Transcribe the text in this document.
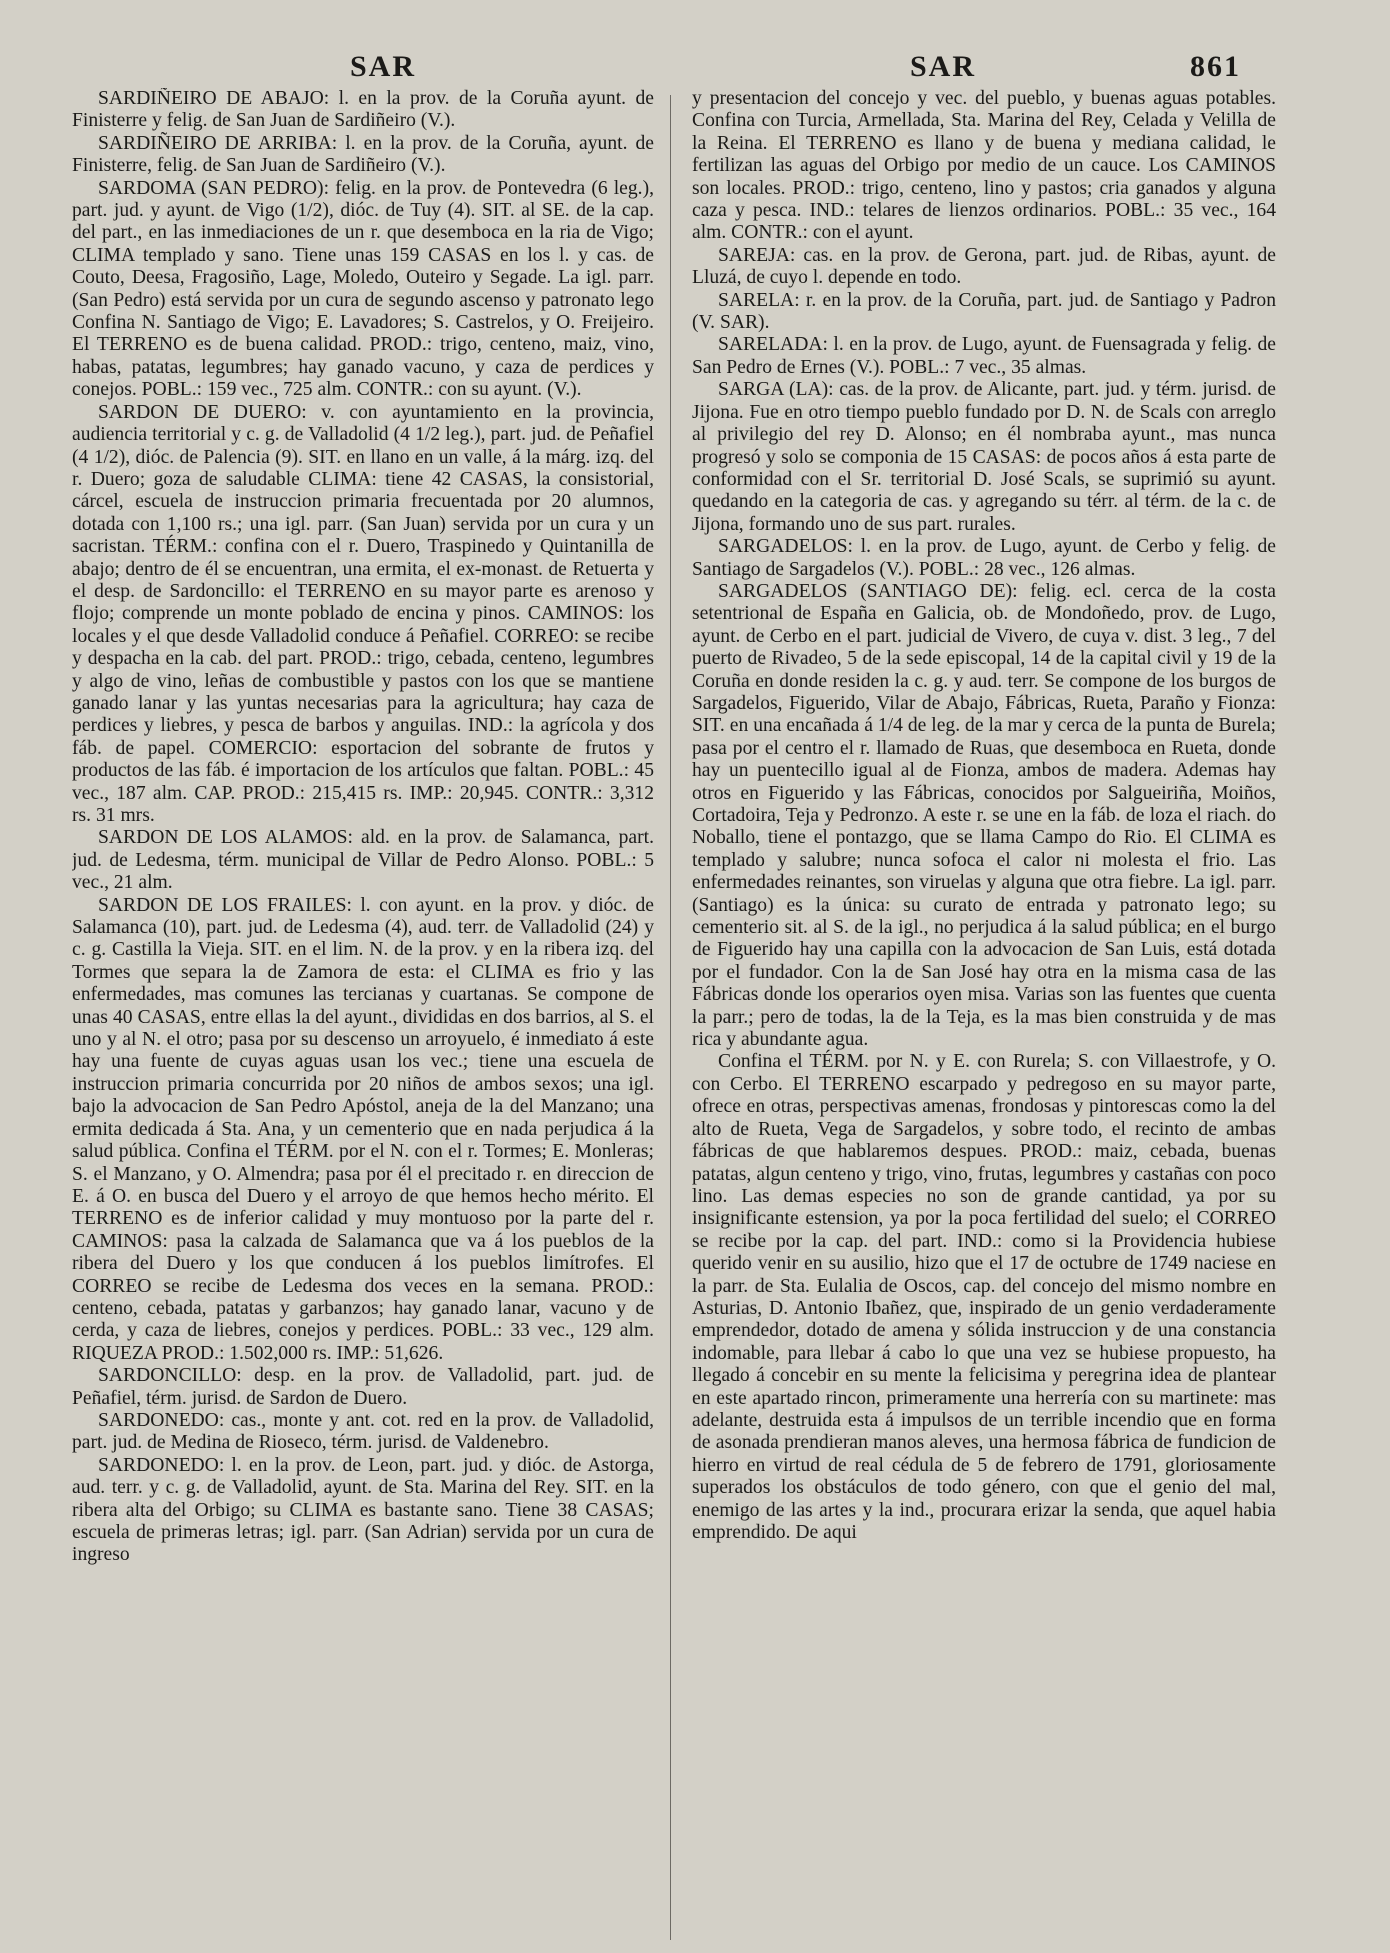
SAR	SAR	861

SARDIÑEIRO DE ABAJO: l. en la prov. de la Coruña ayunt. de Finisterre y felig. de San Juan de Sardiñeiro (V.).

SARDIÑEIRO DE ARRIBA: l. en la prov. de la Coruña, ayunt. de Finisterre, felig. de San Juan de Sardiñeiro (V.).

SARDOMA (SAN PEDRO): felig. en la prov. de Pontevedra (6 leg.), part. jud. y ayunt. de Vigo (1/2), dióc. de Tuy (4). SIT. al SE. de la cap. del part., en las inmediaciones de un r. que desemboca en la ria de Vigo; CLIMA templado y sano. Tiene unas 159 CASAS en los l. y cas. de Couto, Deesa, Fragosiño, Lage, Moledo, Outeiro y Segade. La igl. parr. (San Pedro) está servida por un cura de segundo ascenso y patronato lego Confina N. Santiago de Vigo; E. Lavadores; S. Castrelos, y O. Freijeiro. El TERRENO es de buena calidad. PROD.: trigo, centeno, maiz, vino, habas, patatas, legumbres; hay ganado vacuno, y caza de perdices y conejos. POBL.: 159 vec., 725 alm. CONTR.: con su ayunt. (V.).

SARDON DE DUERO: v. con ayuntamiento en la provincia, audiencia territorial y c. g. de Valladolid (4 1/2 leg.), part. jud. de Peñafiel (4 1/2), dióc. de Palencia (9). SIT. en llano en un valle, á la márg. izq. del r. Duero; goza de saludable CLIMA: tiene 42 CASAS, la consistorial, cárcel, escuela de instruccion primaria frecuentada por 20 alumnos, dotada con 1,100 rs.; una igl. parr. (San Juan) servida por un cura y un sacristan. TÉRM.: confina con el r. Duero, Traspinedo y Quintanilla de abajo; dentro de él se encuentran, una ermita, el ex-monast. de Retuerta y el desp. de Sardoncillo: el TERRENO en su mayor parte es arenoso y flojo; comprende un monte poblado de encina y pinos. CAMINOS: los locales y el que desde Valladolid conduce á Peñafiel. CORREO: se recibe y despacha en la cab. del part. PROD.: trigo, cebada, centeno, legumbres y algo de vino, leñas de combustible y pastos con los que se mantiene ganado lanar y las yuntas necesarias para la agricultura; hay caza de perdices y liebres, y pesca de barbos y anguilas. IND.: la agrícola y dos fáb. de papel. COMERCIO: esportacion del sobrante de frutos y productos de las fáb. é importacion de los artículos que faltan. POBL.: 45 vec., 187 alm. CAP. PROD.: 215,415 rs. IMP.: 20,945. CONTR.: 3,312 rs. 31 mrs.

SARDON DE LOS ALAMOS: ald. en la prov. de Salamanca, part. jud. de Ledesma, térm. municipal de Villar de Pedro Alonso. POBL.: 5 vec., 21 alm.

SARDON DE LOS FRAILES: l. con ayunt. en la prov. y dióc. de Salamanca (10), part. jud. de Ledesma (4), aud. terr. de Valladolid (24) y c. g. Castilla la Vieja. SIT. en el lim. N. de la prov. y en la ribera izq. del Tormes que separa la de Zamora de esta: el CLIMA es frio y las enfermedades, mas comunes las tercianas y cuartanas. Se compone de unas 40 CASAS, entre ellas la del ayunt., divididas en dos barrios, al S. el uno y al N. el otro; pasa por su descenso un arroyuelo, é inmediato á este hay una fuente de cuyas aguas usan los vec.; tiene una escuela de instruccion primaria concurrida por 20 niños de ambos sexos; una igl. bajo la advocacion de San Pedro Apóstol, aneja de la del Manzano; una ermita dedicada á Sta. Ana, y un cementerio que en nada perjudica á la salud pública. Confina el TÉRM. por el N. con el r. Tormes; E. Monleras; S. el Manzano, y O. Almendra; pasa por él el precitado r. en direccion de E. á O. en busca del Duero y el arroyo de que hemos hecho mérito. El TERRENO es de inferior calidad y muy montuoso por la parte del r. CAMINOS: pasa la calzada de Salamanca que va á los pueblos de la ribera del Duero y los que conducen á los pueblos limítrofes. El CORREO se recibe de Ledesma dos veces en la semana. PROD.: centeno, cebada, patatas y garbanzos; hay ganado lanar, vacuno y de cerda, y caza de liebres, conejos y perdices. POBL.: 33 vec., 129 alm. RIQUEZA PROD.: 1.502,000 rs. IMP.: 51,626.

SARDONCILLO: desp. en la prov. de Valladolid, part. jud. de Peñafiel, térm. jurisd. de Sardon de Duero.

SARDONEDO: cas., monte y ant. cot. red en la prov. de Valladolid, part. jud. de Medina de Rioseco, térm. jurisd. de Valdenebro.

SARDONEDO: l. en la prov. de Leon, part. jud. y dióc. de Astorga, aud. terr. y c. g. de Valladolid, ayunt. de Sta. Marina del Rey. SIT. en la ribera alta del Orbigo; su CLIMA es bastante sano. Tiene 38 CASAS; escuela de primeras letras; igl. parr. (San Adrian) servida por un cura de ingreso

y presentacion del concejo y vec. del pueblo, y buenas aguas potables. Confina con Turcia, Armellada, Sta. Marina del Rey, Celada y Velilla de la Reina. El TERRENO es llano y de buena y mediana calidad, le fertilizan las aguas del Orbigo por medio de un cauce. Los CAMINOS son locales. PROD.: trigo, centeno, lino y pastos; cria ganados y alguna caza y pesca. IND.: telares de lienzos ordinarios. POBL.: 35 vec., 164 alm. CONTR.: con el ayunt.

SAREJA: cas. en la prov. de Gerona, part. jud. de Ribas, ayunt. de Lluzá, de cuyo l. depende en todo.

SARELA: r. en la prov. de la Coruña, part. jud. de Santiago y Padron (V. SAR).

SARELADA: l. en la prov. de Lugo, ayunt. de Fuensagrada y felig. de San Pedro de Ernes (V.). POBL.: 7 vec., 35 almas.

SARGA (LA): cas. de la prov. de Alicante, part. jud. y térm. jurisd. de Jijona. Fue en otro tiempo pueblo fundado por D. N. de Scals con arreglo al privilegio del rey D. Alonso; en él nombraba ayunt., mas nunca progresó y solo se componia de 15 CASAS: de pocos años á esta parte de conformidad con el Sr. territorial D. José Scals, se suprimió su ayunt. quedando en la categoria de cas. y agregando su térr. al térm. de la c. de Jijona, formando uno de sus part. rurales.

SARGADELOS: l. en la prov. de Lugo, ayunt. de Cerbo y felig. de Santiago de Sargadelos (V.). POBL.: 28 vec., 126 almas.

SARGADELOS (SANTIAGO DE): felig. ecl. cerca de la costa setentrional de España en Galicia, ob. de Mondoñedo, prov. de Lugo, ayunt. de Cerbo en el part. judicial de Vivero, de cuya v. dist. 3 leg., 7 del puerto de Rivadeo, 5 de la sede episcopal, 14 de la capital civil y 19 de la Coruña en donde residen la c. g. y aud. terr. Se compone de los burgos de Sargadelos, Figuerido, Vilar de Abajo, Fábricas, Rueta, Paraño y Fionza: SIT. en una encañada á 1/4 de leg. de la mar y cerca de la punta de Burela; pasa por el centro el r. llamado de Ruas, que desemboca en Rueta, donde hay un puentecillo igual al de Fionza, ambos de madera. Ademas hay otros en Figuerido y las Fábricas, conocidos por Salgueiriña, Moiños, Cortadoira, Teja y Pedronzo. A este r. se une en la fáb. de loza el riach. do Noballo, tiene el pontazgo, que se llama Campo do Rio. El CLIMA es templado y salubre; nunca sofoca el calor ni molesta el frio. Las enfermedades reinantes, son viruelas y alguna que otra fiebre. La igl. parr. (Santiago) es la única: su curato de entrada y patronato lego; su cementerio sit. al S. de la igl., no perjudica á la salud pública; en el burgo de Figuerido hay una capilla con la advocacion de San Luis, está dotada por el fundador. Con la de San José hay otra en la misma casa de las Fábricas donde los operarios oyen misa. Varias son las fuentes que cuenta la parr.; pero de todas, la de la Teja, es la mas bien construida y de mas rica y abundante agua.

Confina el TÉRM. por N. y E. con Rurela; S. con Villaestrofe, y O. con Cerbo. El TERRENO escarpado y pedregoso en su mayor parte, ofrece en otras, perspectivas amenas, frondosas y pintorescas como la del alto de Rueta, Vega de Sargadelos, y sobre todo, el recinto de ambas fábricas de que hablaremos despues. PROD.: maiz, cebada, buenas patatas, algun centeno y trigo, vino, frutas, legumbres y castañas con poco lino. Las demas especies no son de grande cantidad, ya por su insignificante estension, ya por la poca fertilidad del suelo; el CORREO se recibe por la cap. del part. IND.: como si la Providencia hubiese querido venir en su ausilio, hizo que el 17 de octubre de 1749 naciese en la parr. de Sta. Eulalia de Oscos, cap. del concejo del mismo nombre en Asturias, D. Antonio Ibañez, que, inspirado de un genio verdaderamente emprendedor, dotado de amena y sólida instruccion y de una constancia indomable, para llebar á cabo lo que una vez se hubiese propuesto, ha llegado á concebir en su mente la felicisima y peregrina idea de plantear en este apartado rincon, primeramente una herrería con su martinete: mas adelante, destruida esta á impulsos de un terrible incendio que en forma de asonada prendieran manos aleves, una hermosa fábrica de fundicion de hierro en virtud de real cédula de 5 de febrero de 1791, gloriosamente superados los obstáculos de todo género, con que el genio del mal, enemigo de las artes y la ind., procurara erizar la senda, que aquel habia emprendido. De aqui
